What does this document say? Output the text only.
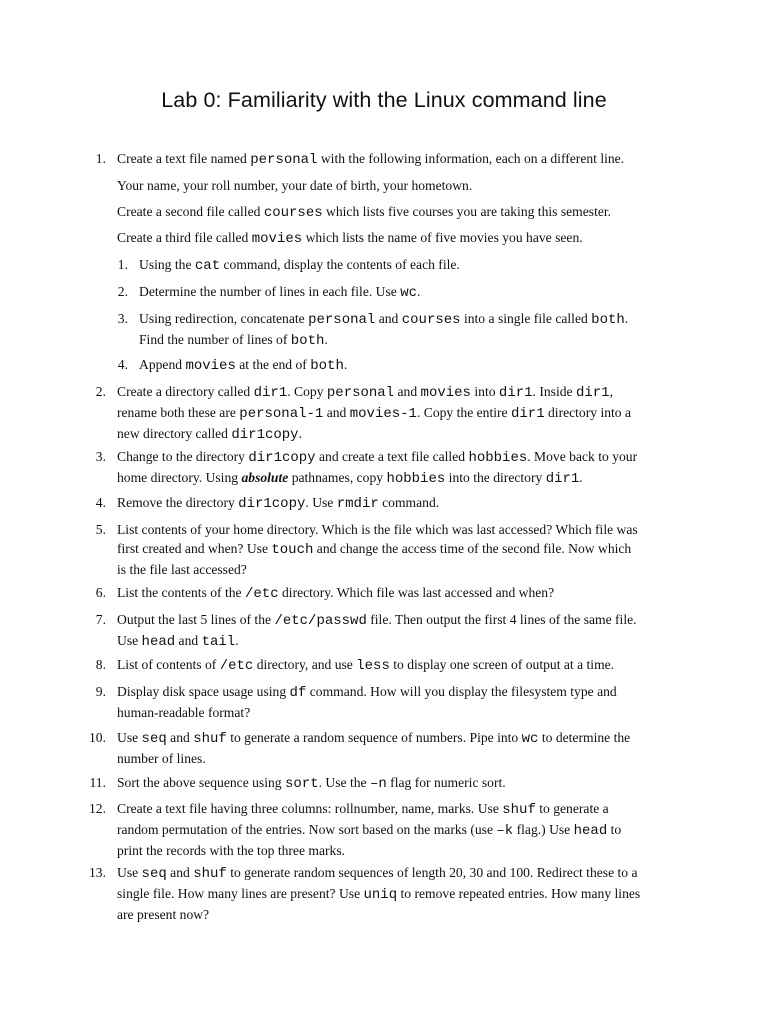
Lab 0: Familiarity with the Linux command line
1. Create a text file named personal with the following information, each on a different line.
Your name, your roll number, your date of birth, your hometown.
Create a second file called courses which lists five courses you are taking this semester.
Create a third file called movies which lists the name of five movies you have seen.
1. Using the cat command, display the contents of each file.
2. Determine the number of lines in each file. Use wc.
3. Using redirection, concatenate personal and courses into a single file called both.
Find the number of lines of both.
4. Append movies at the end of both.
2. Create a directory called dir1. Copy personal and movies into dir1. Inside dir1,
rename both these are personal-1 and movies-1. Copy the entire dir1 directory into a
new directory called dir1copy.
3. Change to the directory dir1copy and create a text file called hobbies. Move back to your
home directory. Using absolute pathnames, copy hobbies into the directory dir1.
4. Remove the directory dir1copy. Use rmdir command.
5. List contents of your home directory. Which is the file which was last accessed? Which file was
first created and when? Use touch and change the access time of the second file. Now which
is the file last accessed?
6. List the contents of the /etc directory. Which file was last accessed and when?
7. Output the last 5 lines of the /etc/passwd file. Then output the first 4 lines of the same file.
Use head and tail.
8. List of contents of /etc directory, and use less to display one screen of output at a time.
9. Display disk space usage using df command. How will you display the filesystem type and
human-readable format?
10. Use seq and shuf to generate a random sequence of numbers. Pipe into wc to determine the
number of lines.
11. Sort the above sequence using sort. Use the –n flag for numeric sort.
12. Create a text file having three columns: rollnumber, name, marks. Use shuf to generate a
random permutation of the entries. Now sort based on the marks (use –k flag.) Use head to
print the records with the top three marks.
13. Use seq and shuf to generate random sequences of length 20, 30 and 100. Redirect these to a
single file. How many lines are present? Use uniq to remove repeated entries. How many lines
are present now?
